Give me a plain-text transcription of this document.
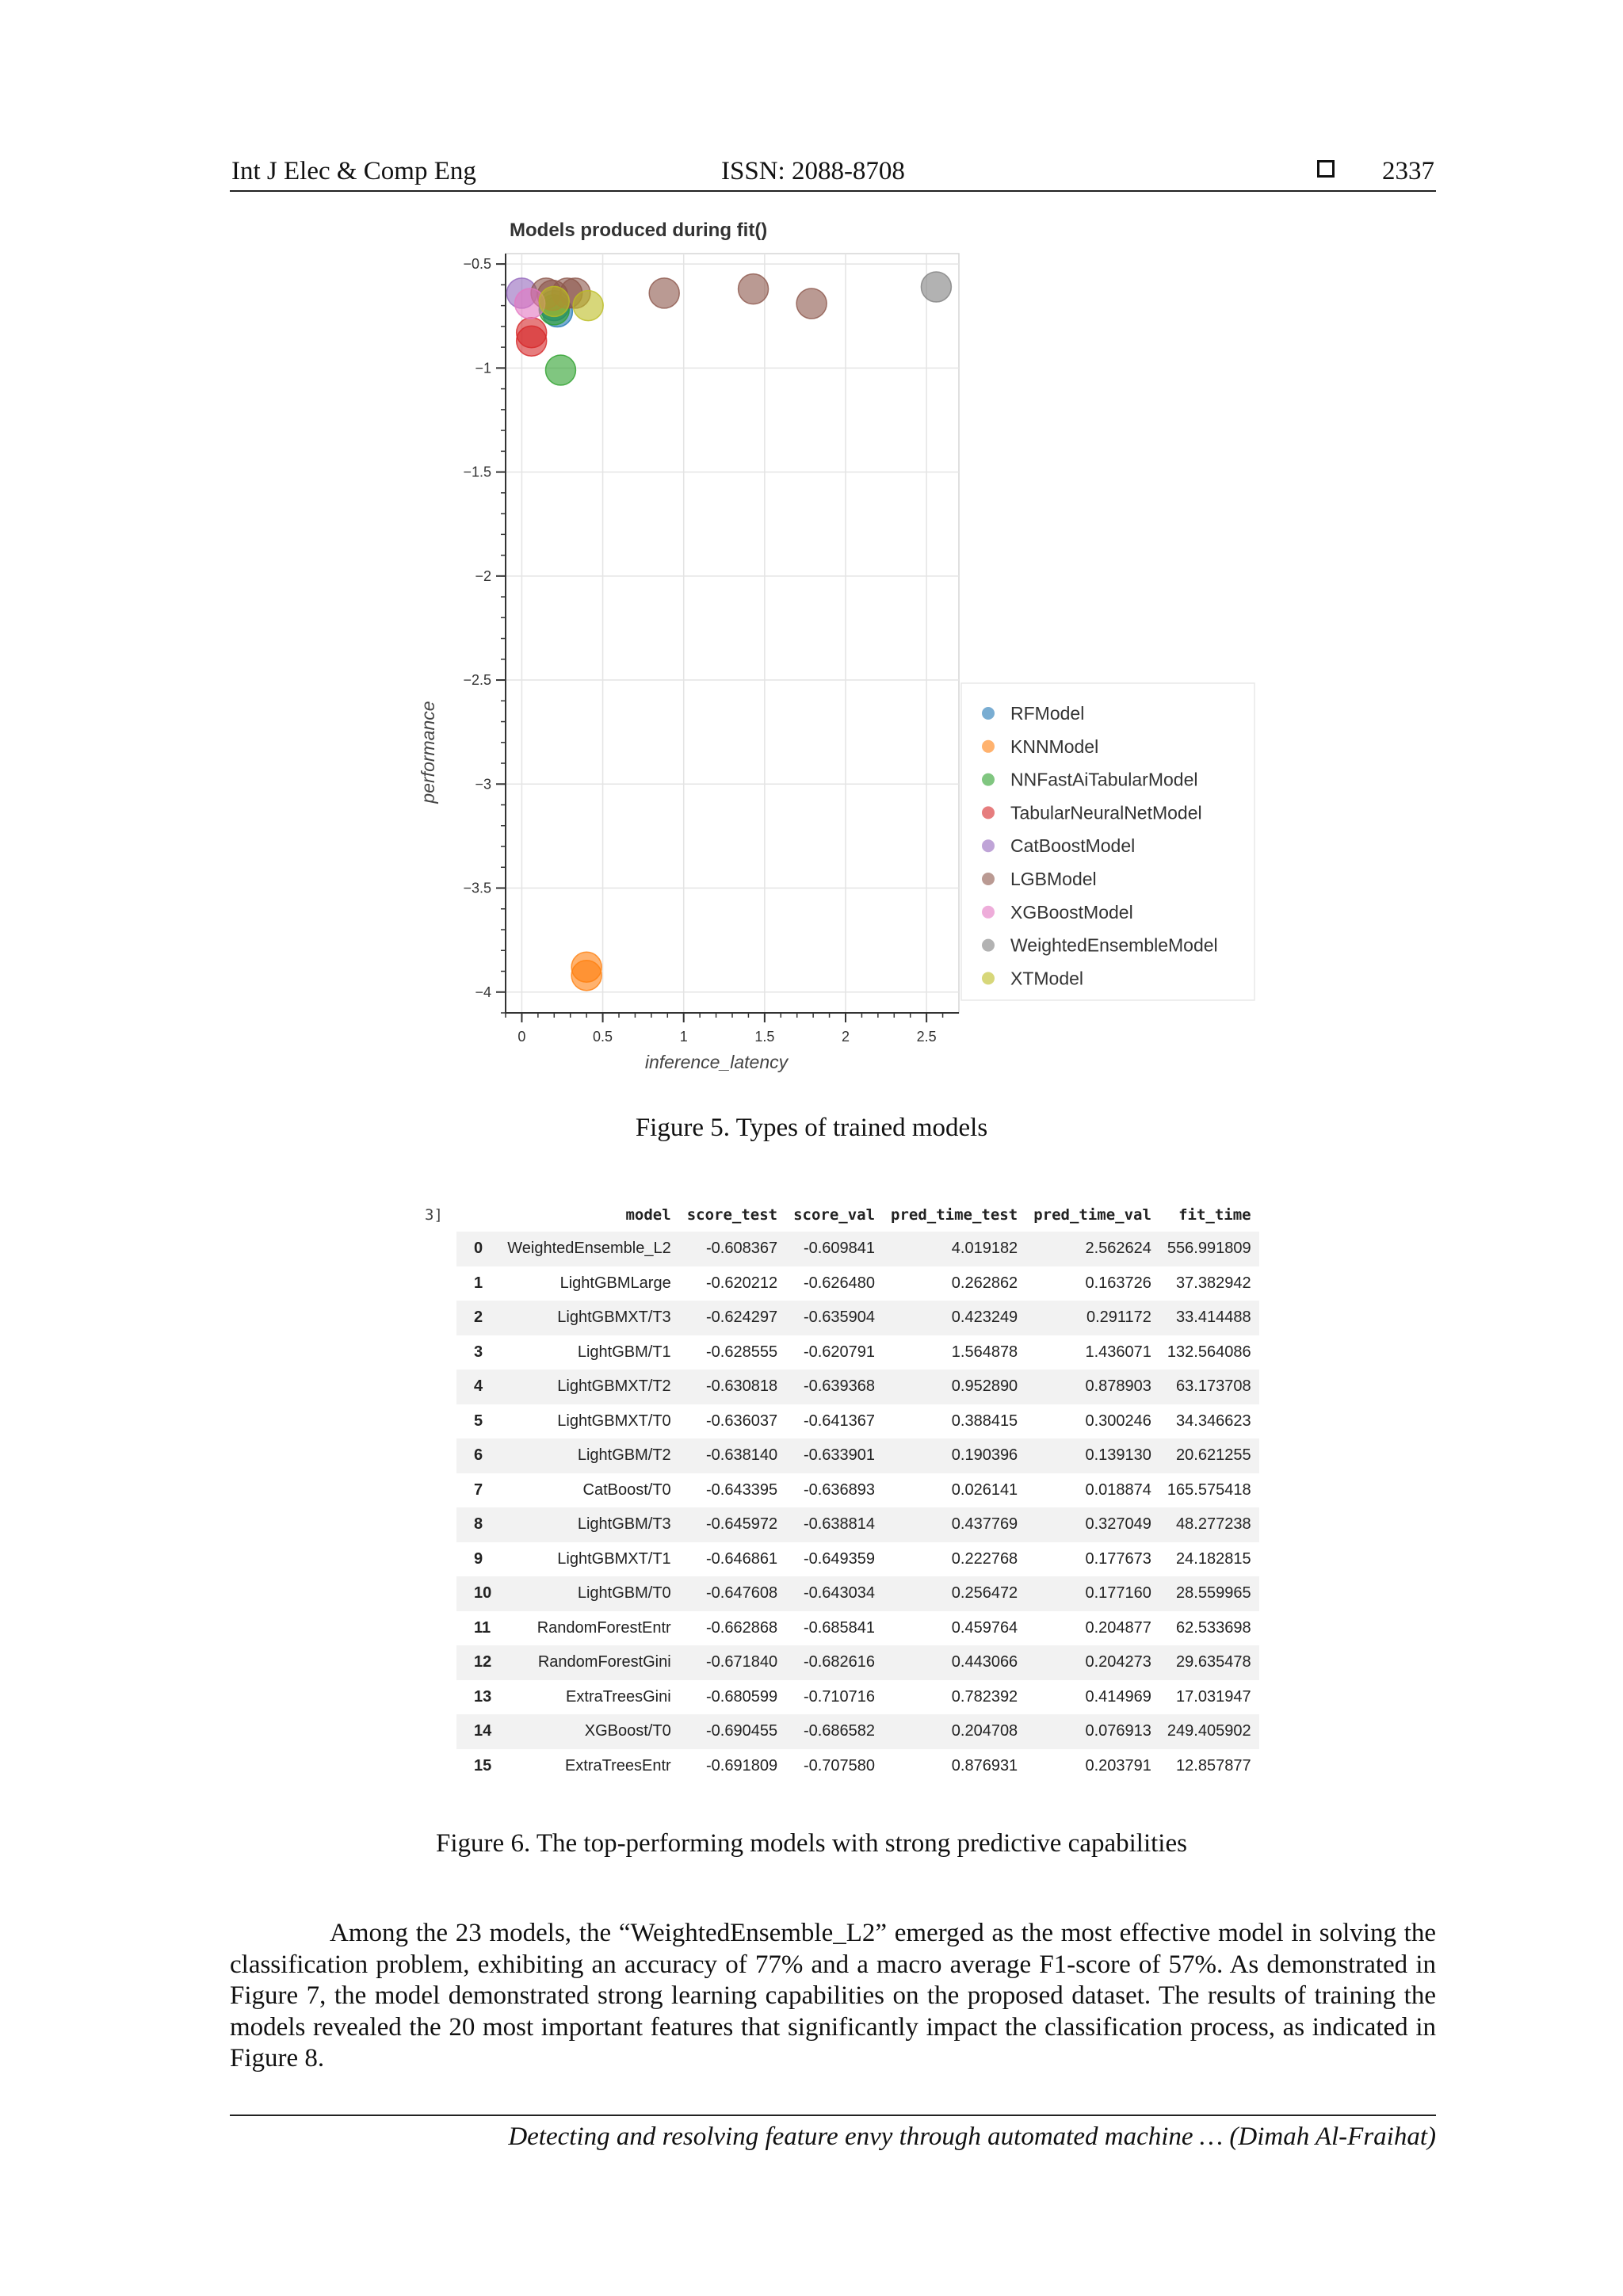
Int J Elec & Comp Eng	ISSN: 2088-8708	2337
−0.5
−1
−1.5
−2
−2.5
−3
−3.5
−4
0	0.5	1	1.5	2	2.5
Models produced during fit()
inference_latency
performance	RFModel
KNNModel
NNFastAiTabularModel
TabularNeuralNetModel
CatBoostModel
LGBModel
XGBoostModel
WeightedEnsembleModel
XTModel
Figure 5. Types of trained models
3]
		model	score_test	score_val	pred_time_test	pred_time_val	fit_time
0	WeightedEnsemble_L2	-0.608367	-0.609841	4.019182	2.562624	556.991809
1	LightGBMLarge	-0.620212	-0.626480	0.262862	0.163726	37.382942
2	LightGBMXT/T3	-0.624297	-0.635904	0.423249	0.291172	33.414488
3	LightGBM/T1	-0.628555	-0.620791	1.564878	1.436071	132.564086
4	LightGBMXT/T2	-0.630818	-0.639368	0.952890	0.878903	63.173708
5	LightGBMXT/T0	-0.636037	-0.641367	0.388415	0.300246	34.346623
6	LightGBM/T2	-0.638140	-0.633901	0.190396	0.139130	20.621255
7	CatBoost/T0	-0.643395	-0.636893	0.026141	0.018874	165.575418
8	LightGBM/T3	-0.645972	-0.638814	0.437769	0.327049	48.277238
9	LightGBMXT/T1	-0.646861	-0.649359	0.222768	0.177673	24.182815
10	LightGBM/T0	-0.647608	-0.643034	0.256472	0.177160	28.559965
11	RandomForestEntr	-0.662868	-0.685841	0.459764	0.204877	62.533698
12	RandomForestGini	-0.671840	-0.682616	0.443066	0.204273	29.635478
13	ExtraTreesGini	-0.680599	-0.710716	0.782392	0.414969	17.031947
14	XGBoost/T0	-0.690455	-0.686582	0.204708	0.076913	249.405902
15	ExtraTreesEntr	-0.691809	-0.707580	0.876931	0.203791	12.857877
Figure 6. The top-performing models with strong predictive capabilities

Among the 23 models, the “WeightedEnsemble_L2” emerged as the most effective model in solving the classification problem, exhibiting an accuracy of 77% and a macro average F1-score of 57%. As demonstrated in Figure 7, the model demonstrated strong learning capabilities on the proposed dataset. The results of training the models revealed the 20 most important features that significantly impact the classification process, as indicated in Figure 8.

Detecting and resolving feature envy through automated machine … (Dimah Al-Fraihat)
